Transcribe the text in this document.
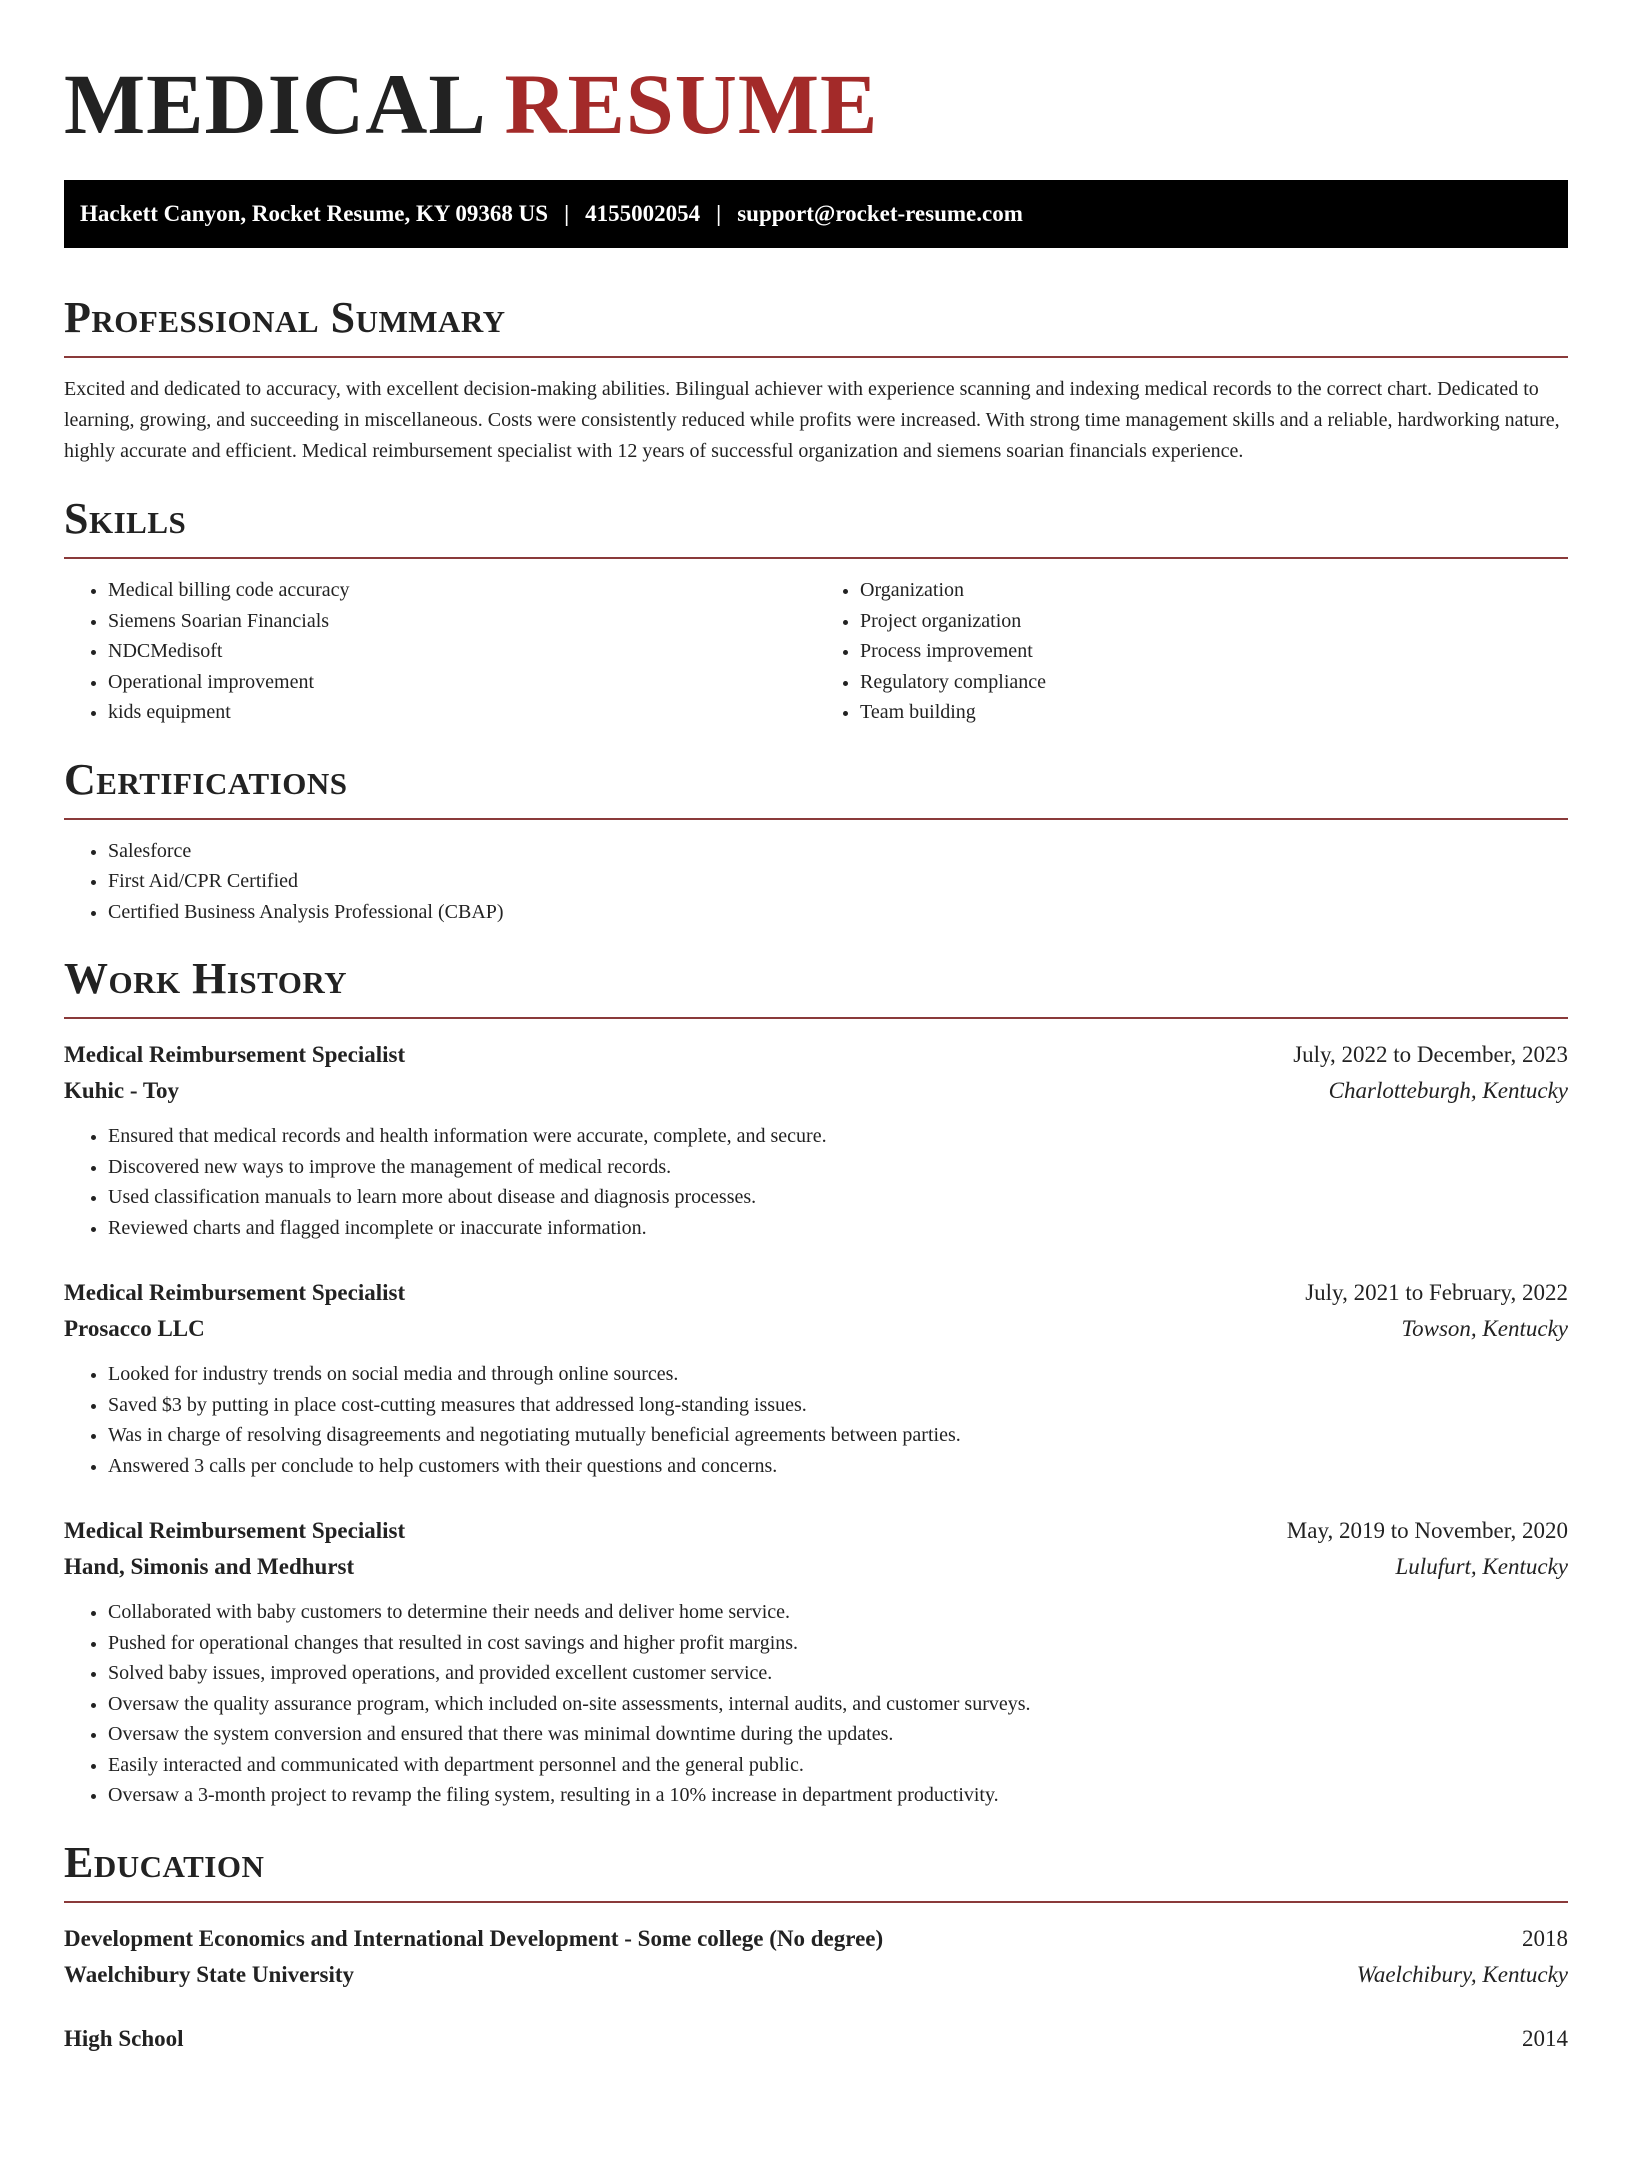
MEDICAL RESUME
Hackett Canyon, Rocket Resume, KY 09368 US | 4155002054 | support@rocket-resume.com
Professional Summary

Excited and dedicated to accuracy, with excellent decision-making abilities. Bilingual achiever with experience scanning and indexing medical records to the correct chart. Dedicated to learning, growing, and succeeding in miscellaneous. Costs were consistently reduced while profits were increased. With strong time management skills and a reliable, hardworking nature, highly accurate and efficient. Medical reimbursement specialist with 12 years of successful organization and siemens soarian financials experience.

Skills
• Medical billing code accuracy
• Siemens Soarian Financials
• NDCMedisoft
• Operational improvement
• kids equipment
• Organization
• Project organization
• Process improvement
• Regulatory compliance
• Team building
Certifications
• Salesforce
• First Aid/CPR Certified
• Certified Business Analysis Professional (CBAP)
Work History
Medical Reimbursement Specialist	July, 2022 to December, 2023
Kuhic - Toy	Charlotteburgh, Kentucky
• Ensured that medical records and health information were accurate, complete, and secure.
• Discovered new ways to improve the management of medical records.
• Used classification manuals to learn more about disease and diagnosis processes.
• Reviewed charts and flagged incomplete or inaccurate information.
Medical Reimbursement Specialist	July, 2021 to February, 2022
Prosacco LLC	Towson, Kentucky
• Looked for industry trends on social media and through online sources.
• Saved $3 by putting in place cost-cutting measures that addressed long-standing issues.
• Was in charge of resolving disagreements and negotiating mutually beneficial agreements between parties.
• Answered 3 calls per conclude to help customers with their questions and concerns.
Medical Reimbursement Specialist	May, 2019 to November, 2020
Hand, Simonis and Medhurst	Lulufurt, Kentucky
• Collaborated with baby customers to determine their needs and deliver home service.
• Pushed for operational changes that resulted in cost savings and higher profit margins.
• Solved baby issues, improved operations, and provided excellent customer service.
• Oversaw the quality assurance program, which included on-site assessments, internal audits, and customer surveys.
• Oversaw the system conversion and ensured that there was minimal downtime during the updates.
• Easily interacted and communicated with department personnel and the general public.
• Oversaw a 3-month project to revamp the filing system, resulting in a 10% increase in department productivity.
Education
Development Economics and International Development - Some college (No degree)	2018
Waelchibury State University	Waelchibury, Kentucky
High School	2014
